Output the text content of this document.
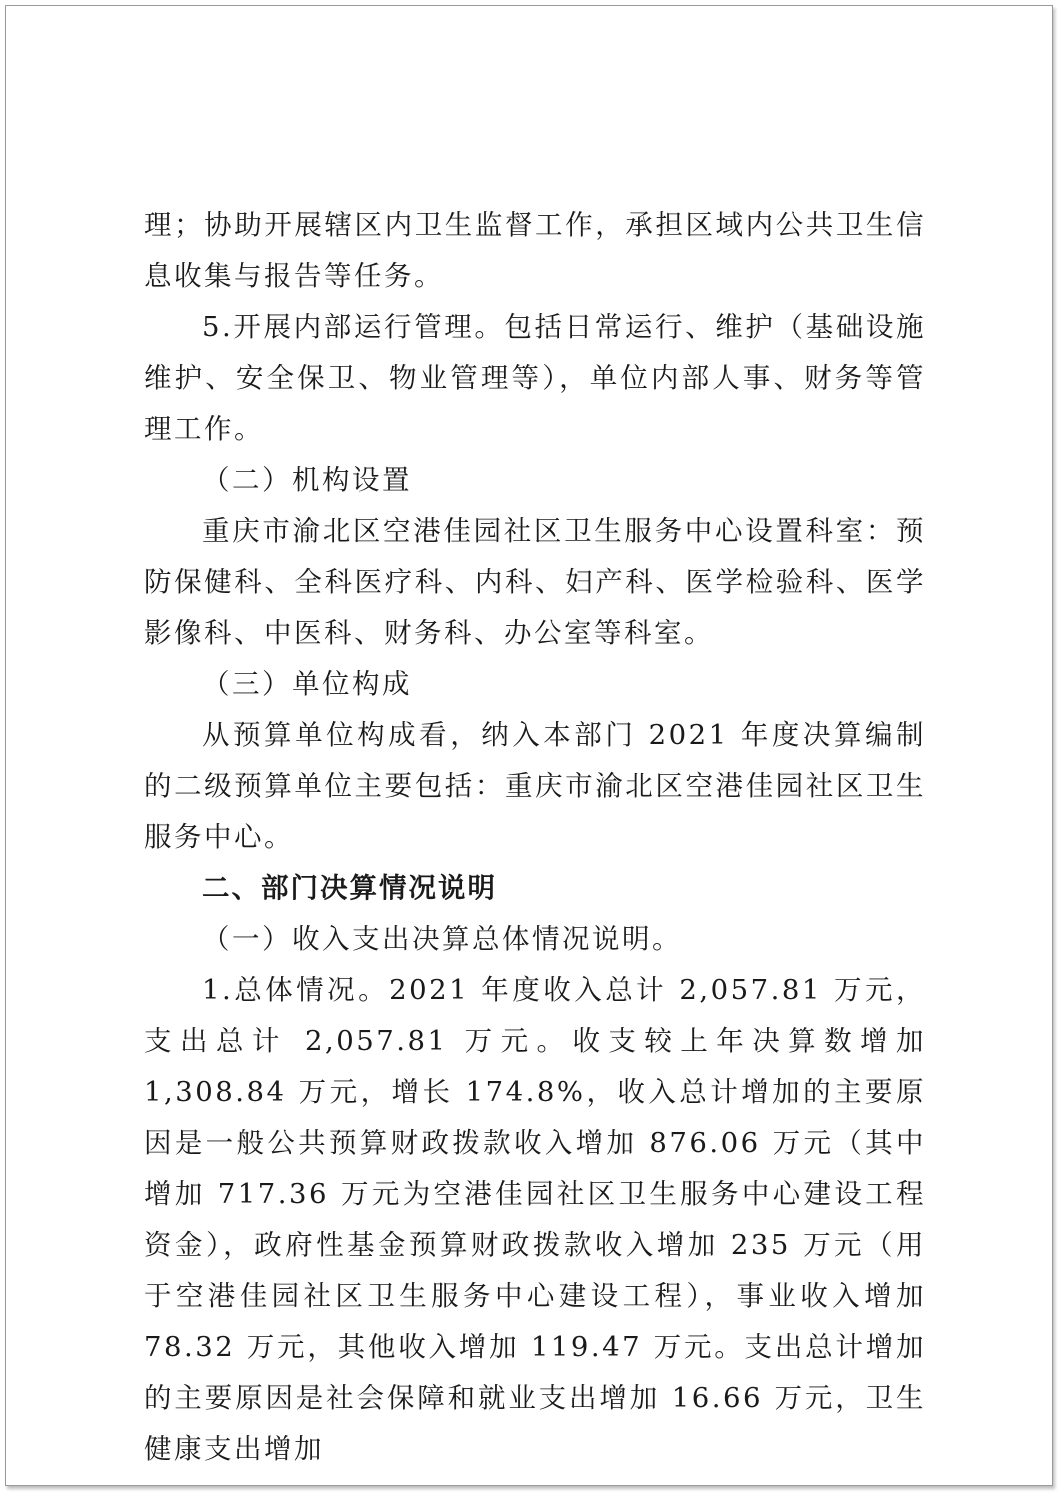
理；协助开展辖区内卫生监督工作，承担区域内公共卫生信息收集与报告等任务。

5.开展内部运行管理。包括日常运行、维护（基础设施维护、安全保卫、物业管理等），单位内部人事、财务等管理工作。

（二）机构设置

重庆市渝北区空港佳园社区卫生服务中心设置科室：预防保健科、全科医疗科、内科、妇产科、医学检验科、医学影像科、中医科、财务科、办公室等科室。

（三）单位构成

从预算单位构成看，纳入本部门 2021 年度决算编制的二级预算单位主要包括：重庆市渝北区空港佳园社区卫生服务中心。

二、部门决算情况说明

（一）收入支出决算总体情况说明。

1.总体情况。2021 年度收入总计 2,057.81 万元，支出总计 2,057.81 万元。收支较上年决算数增加 1,308.84 万元，增长 174.8%，收入总计增加的主要原因是一般公共预算财政拨款收入增加 876.06 万元（其中增加 717.36 万元为空港佳园社区卫生服务中心建设工程资金），政府性基金预算财政拨款收入增加 235 万元（用于空港佳园社区卫生服务中心建设工程），事业收入增加 78.32 万元，其他收入增加 119.47 万元。支出总计增加的主要原因是社会保障和就业支出增加 16.66 万元，卫生健康支出增加
